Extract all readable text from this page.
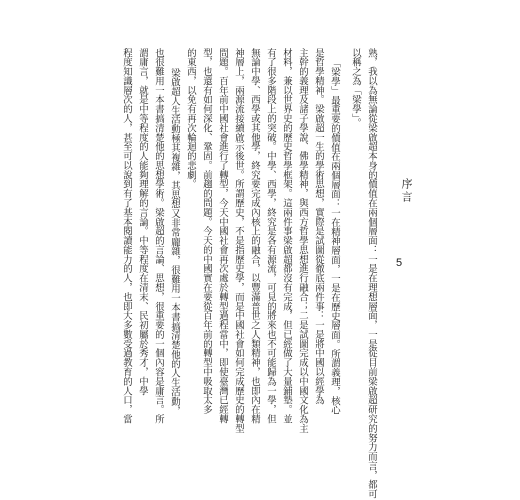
熟，我以為無論從梁啟超本身的價值在兩個層面：一是在理想層面，一是從目前梁啟超研究的努力而言，都可
以稱之為「梁學」。
「梁學」最重要的價值在兩個層面：一在精神層面，一是在歷史層面。所謂義理，核心
是哲學精神。梁啟超一生的學術思想，實際是試圖從徹底兩件事：一是將中國以經學為
主幹的義理及諸子學說、佛學精神，與西方哲學思想進行融合；二是試圖完成以中國文化為主
材料，兼以世界史的歷史哲學框架。這兩件事梁啟超都沒有完成，但已經做了大量鋪墊。並
有了很多階段上的突破。中學、西學，終究是各有源流，可見的將來也不可能歸為一學，但
無論中學、西學或其他學，終究要完成內核上的融合，以豐滿普世之人類精神，也即內在精
神層上，兩源流接續啟示後世。所謂歷史，不是指歷史學，而是中國社會如何完成歷史的轉型
問題。百年前中國社會進行了轉型，今天中國社會再次處於轉型過程當中，即使臺灣已經轉
型，也還有如何深化、鞏固。前趨的問題。今天的中國實在要從百年前的轉型中吸取太多
的東西，以免有再次輪迴的悲劇。
梁啟超人生活動極其複雜，其思想又非常龐雜，很難用一本書搞清楚他的人生活動，
也很難用一本書搞清楚他的思想學術。梁啟超的言論、思想，很重要的一個內容是庸言。所
謂庸言，就是中等程度的人能夠理解的言論。中等程度在清末、民初屬於秀才，中學
程度知識層次的人，甚至可以說到有了基本閱讀能力的人，也即大多數受過教育的人口，當	序言
5
